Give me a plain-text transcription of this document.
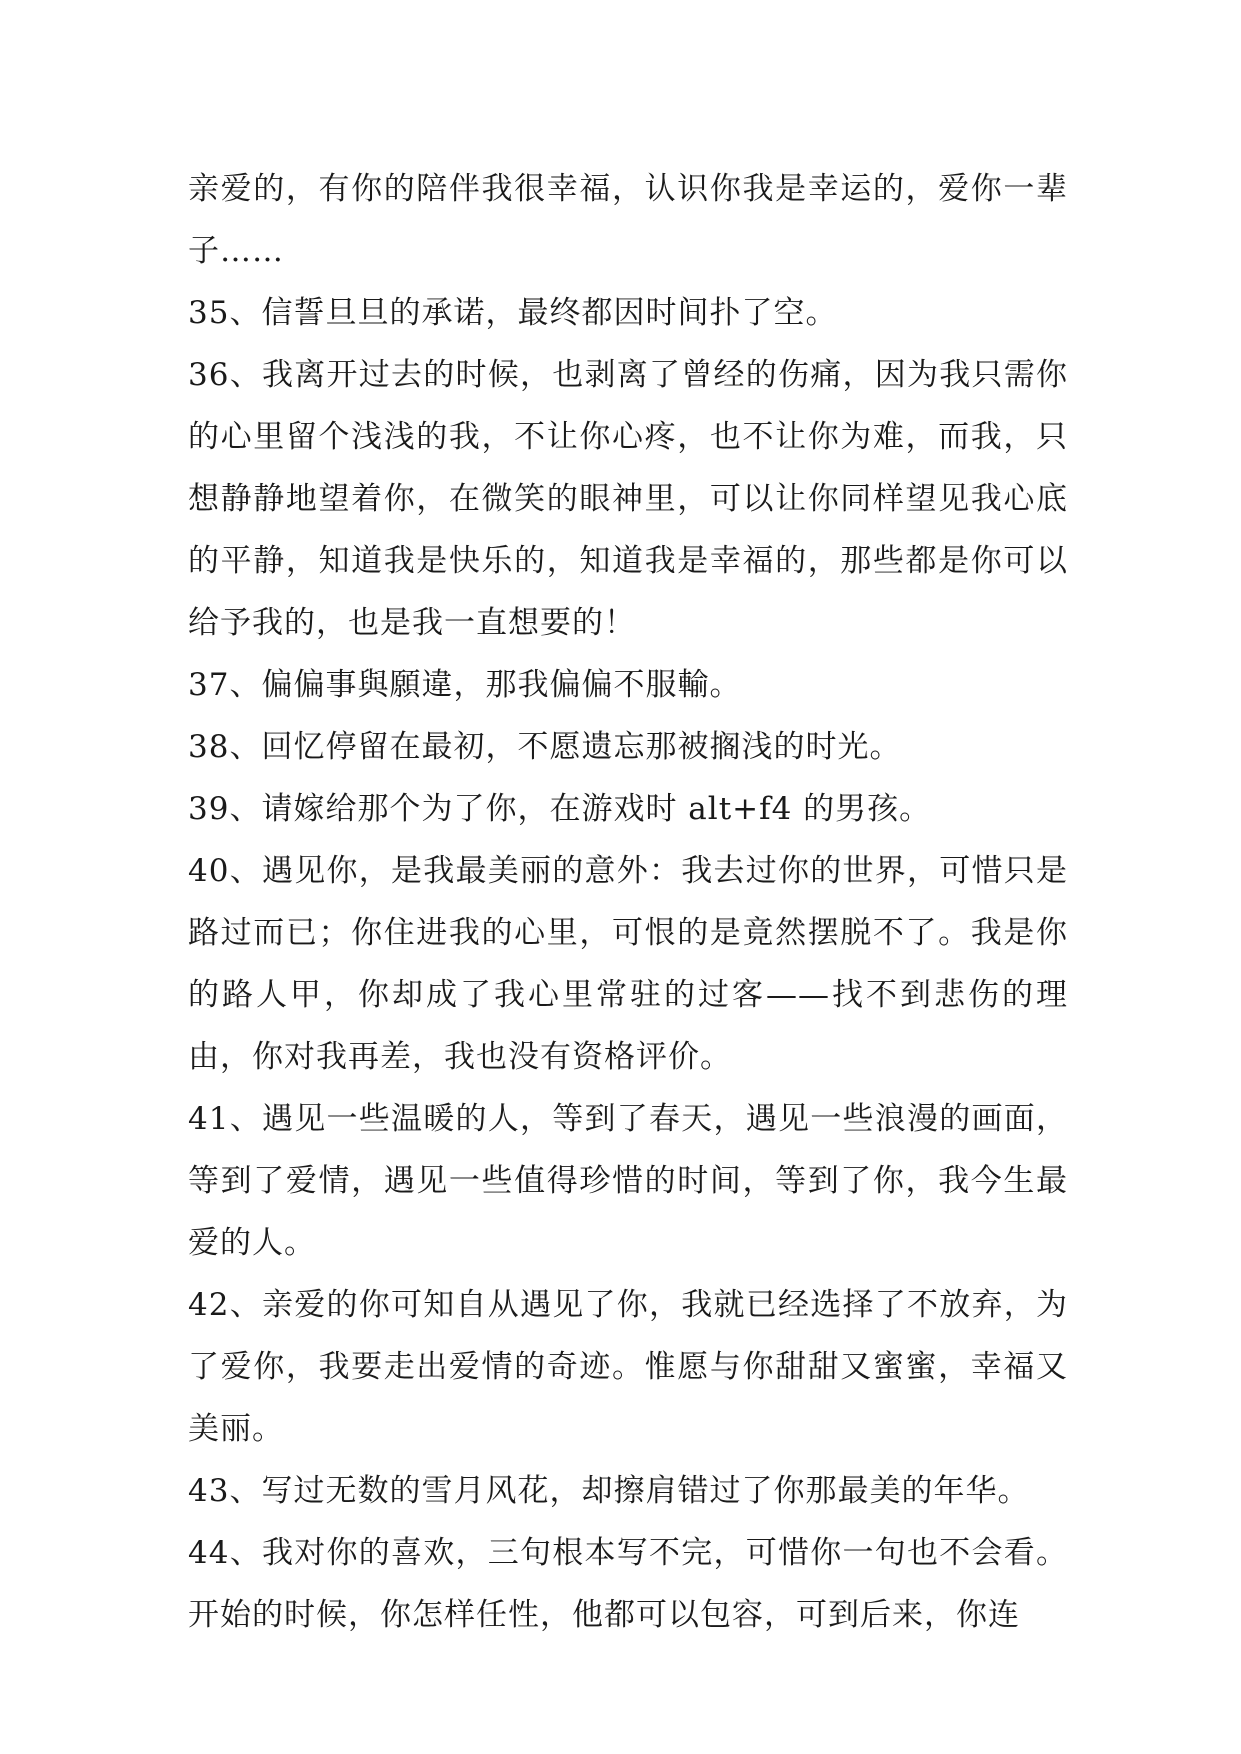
亲爱的，有你的陪伴我很幸福，认识你我是幸运的，爱你一辈子……

35、信誓旦旦的承诺，最终都因时间扑了空。

36、我离开过去的时候，也剥离了曾经的伤痛，因为我只需你的心里留个浅浅的我，不让你心疼，也不让你为难，而我，只想静静地望着你，在微笑的眼神里，可以让你同样望见我心底的平静，知道我是快乐的，知道我是幸福的，那些都是你可以给予我的，也是我一直想要的！

37、偏偏事與願違，那我偏偏不服輸。

38、回忆停留在最初，不愿遗忘那被搁浅的时光。

39、请嫁给那个为了你，在游戏时 alt+f4 的男孩。

40、遇见你，是我最美丽的意外：我去过你的世界，可惜只是路过而已；你住进我的心里，可恨的是竟然摆脱不了。我是你的路人甲，你却成了我心里常驻的过客——找不到悲伤的理由，你对我再差，我也没有资格评价。

41、遇见一些温暖的人，等到了春天，遇见一些浪漫的画面，等到了爱情，遇见一些值得珍惜的时间，等到了你，我今生最爱的人。

42、亲爱的你可知自从遇见了你，我就已经选择了不放弃，为了爱你，我要走出爱情的奇迹。惟愿与你甜甜又蜜蜜，幸福又美丽。

43、写过无数的雪月风花，却擦肩错过了你那最美的年华。

44、我对你的喜欢，三句根本写不完，可惜你一句也不会看。开始的时候，你怎样任性，他都可以包容，可到后来，你连
